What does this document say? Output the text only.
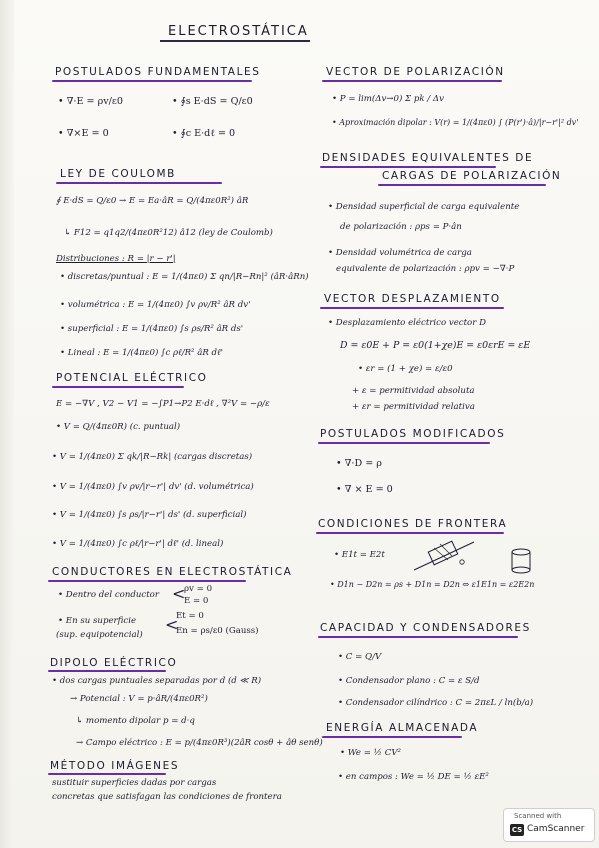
ELECTROSTÁTICA
POSTULADOS FUNDAMENTALES
• ∇·E = ρv/ε0	• ∮s E·dS = Q/ε0
• ∇×E = 0	• ∮c E·dℓ = 0
LEY DE COULOMB
∮ E·dS = Q/ε0 → E = Ea·âR = Q/(4πε0R²) âR
↳ F12 = q1q2/(4πε0R²12) â12 (ley de Coulomb)
Distribuciones : R = |r − r'|
• discretas/puntual : E = 1/(4πε0) Σ qn/|R−Rn|² (âR·âRn)
• volumétrica : E = 1/(4πε0) ∫v ρv/R² âR dv'
• superficial : E = 1/(4πε0) ∫s ρs/R² âR ds'
• Lineal : E = 1/(4πε0) ∫c ρℓ/R² âR dℓ'
POTENCIAL ELÉCTRICO
E = −∇V , V2 − V1 = −∫P1→P2 E·dℓ , ∇²V = −ρ/ε
• V = Q/(4πε0R) (c. puntual)
• V = 1/(4πε0) Σ qk/|R−Rk| (cargas discretas)
• V = 1/(4πε0) ∫v ρv/|r−r'| dv' (d. volumétrica)
• V = 1/(4πε0) ∫s ρs/|r−r'| ds' (d. superficial)
• V = 1/(4πε0) ∫c ρℓ/|r−r'| dℓ' (d. lineal)
CONDUCTORES EN ELECTROSTÁTICA
• Dentro del conductor
ρv = 0
E = 0
<
• En su superficie
(sup. equipotencial)
<
Et = 0
En = ρs/ε0 (Gauss)
DIPOLO ELÉCTRICO
• dos cargas puntuales separadas por d (d ≪ R)
→ Potencial : V = p·âR/(4πε0R²)
↳ momento dipolar p = d·q
→ Campo eléctrico : E = p/(4πε0R³)(2âR cosθ + âθ senθ)
MÉTODO IMÁGENES
sustituir superficies dadas por cargas
concretas que satisfagan las condiciones de frontera
VECTOR DE POLARIZACIÓN
• P = lim(Δv→0) Σ pk / Δv
• Aproximación dipolar : V(r) = 1/(4πε0) ∫ (P(r')·â)/|r−r'|² dv'
DENSIDADES EQUIVALENTES DE
CARGAS DE POLARIZACIÓN
• Densidad superficial de carga equivalente
de polarización : ρps = P·ân
• Densidad volumétrica de carga
equivalente de polarización : ρpv = −∇·P
VECTOR DESPLAZAMIENTO
• Desplazamiento eléctrico vector D
D = ε0E + P = ε0(1+χe)E = ε0εrE = εE
• εr = (1 + χe) = ε/ε0
+ ε = permitividad absoluta
+ εr = permitividad relativa
POSTULADOS MODIFICADOS
• ∇·D = ρ
• ∇ × E = 0
CONDICIONES DE FRONTERA
• E1t = E2t
• D1n − D2n = ρs + D1n = D2n ⇔ ε1E1n = ε2E2n
CAPACIDAD Y CONDENSADORES
• C = Q/V
• Condensador plano : C = ε S/d
• Condensador cilíndrico : C = 2πεL / ln(b/a)
ENERGÍA ALMACENADA
• We = ½ CV²
• en campos : We = ½ DE = ½ εE²
Scanned with
CS CamScanner
